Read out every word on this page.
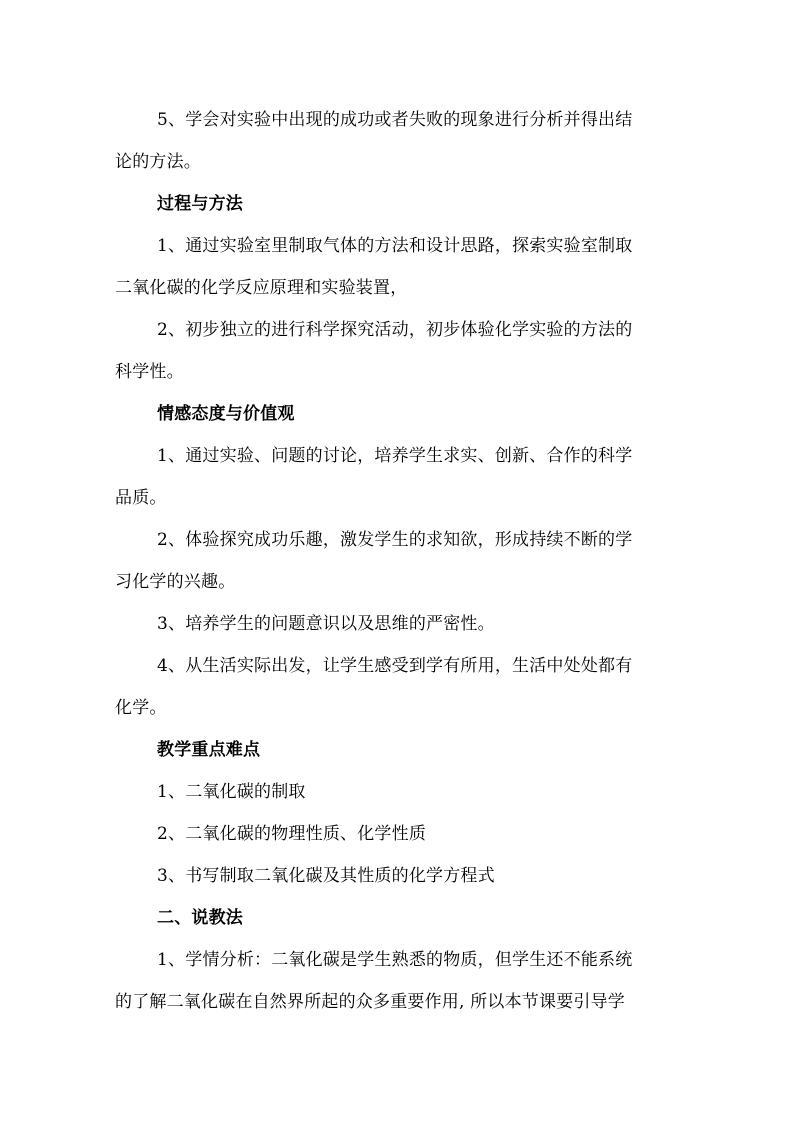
5、学会对实验中出现的成功或者失败的现象进行分析并得出结
论的方法。
过程与方法
1、通过实验室里制取气体的方法和设计思路，探索实验室制取
二氧化碳的化学反应原理和实验装置，
2、初步独立的进行科学探究活动，初步体验化学实验的方法的
科学性。
情感态度与价值观
1、通过实验、问题的讨论，培养学生求实、创新、合作的科学
品质。
2、体验探究成功乐趣，激发学生的求知欲，形成持续不断的学
习化学的兴趣。
3、培养学生的问题意识以及思维的严密性。
4、从生活实际出发，让学生感受到学有所用，生活中处处都有
化学。
教学重点难点
1、二氧化碳的制取
2、二氧化碳的物理性质、化学性质
3、书写制取二氧化碳及其性质的化学方程式
二、说教法
1、学情分析：二氧化碳是学生熟悉的物质，但学生还不能系统
的了解二氧化碳在自然界所起的众多重要作用, 所以本节课要引导学
